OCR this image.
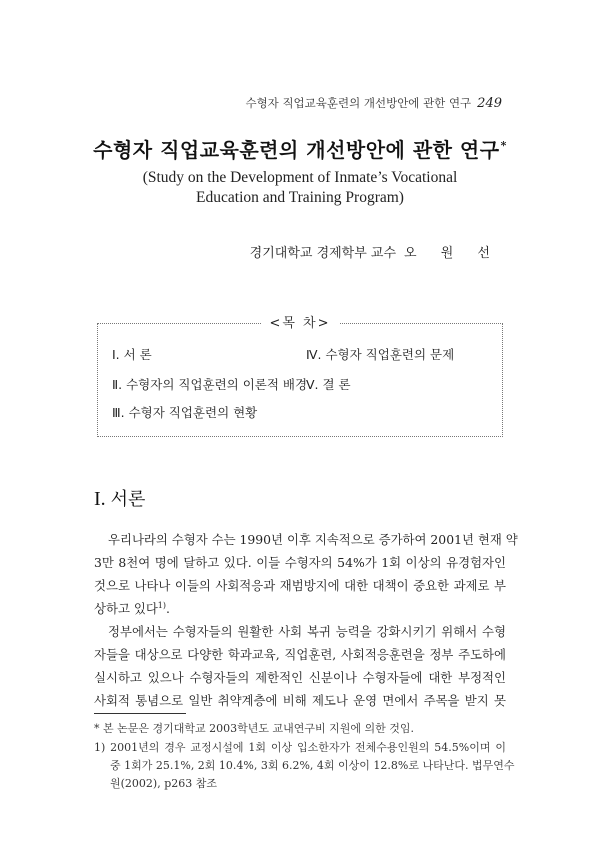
수형자 직업교육훈련의 개선방안에 관한 연구 249
수형자 직업교육훈련의 개선방안에 관한 연구*
(Study on the Development of Inmate’s Vocational
Education and Training Program)
경기대학교 경제학부 교수 오 원 선
<목 차>
Ⅰ. 서 론
Ⅱ. 수형자의 직업훈련의 이론적 배경
Ⅲ. 수형자 직업훈련의 현황
Ⅳ. 수형자 직업훈련의 문제
Ⅴ. 결 론
I. 서론
우리나라의 수형자 수는 1990년 이후 지속적으로 증가하여 2001년 현재 약
3만 8천여 명에 달하고 있다. 이들 수형자의 54%가 1회 이상의 유경험자인
것으로 나타나 이들의 사회적응과 재범방지에 대한 대책이 중요한 과제로 부
상하고 있다$^{1)}$.
정부에서는 수형자들의 원활한 사회 복귀 능력을 강화시키기 위해서 수형
자들을 대상으로 다양한 학과교육, 직업훈련, 사회적응훈련을 정부 주도하에
실시하고 있으나 수형자들의 제한적인 신분이나 수형자들에 대한 부정적인
사회적 통념으로 일반 취약계층에 비해 제도나 운영 면에서 주목을 받지 못
* 본 논문은 경기대학교 2003학년도 교내연구비 지원에 의한 것임.
1) 2001년의 경우 교정시설에 1회 이상 입소한자가 전체수용인원의 54.5%이며 이
중 1회가 25.1%, 2회 10.4%, 3회 6.2%, 4회 이상이 12.8%로 나타난다. 법무연수
원(2002), p263 참조
